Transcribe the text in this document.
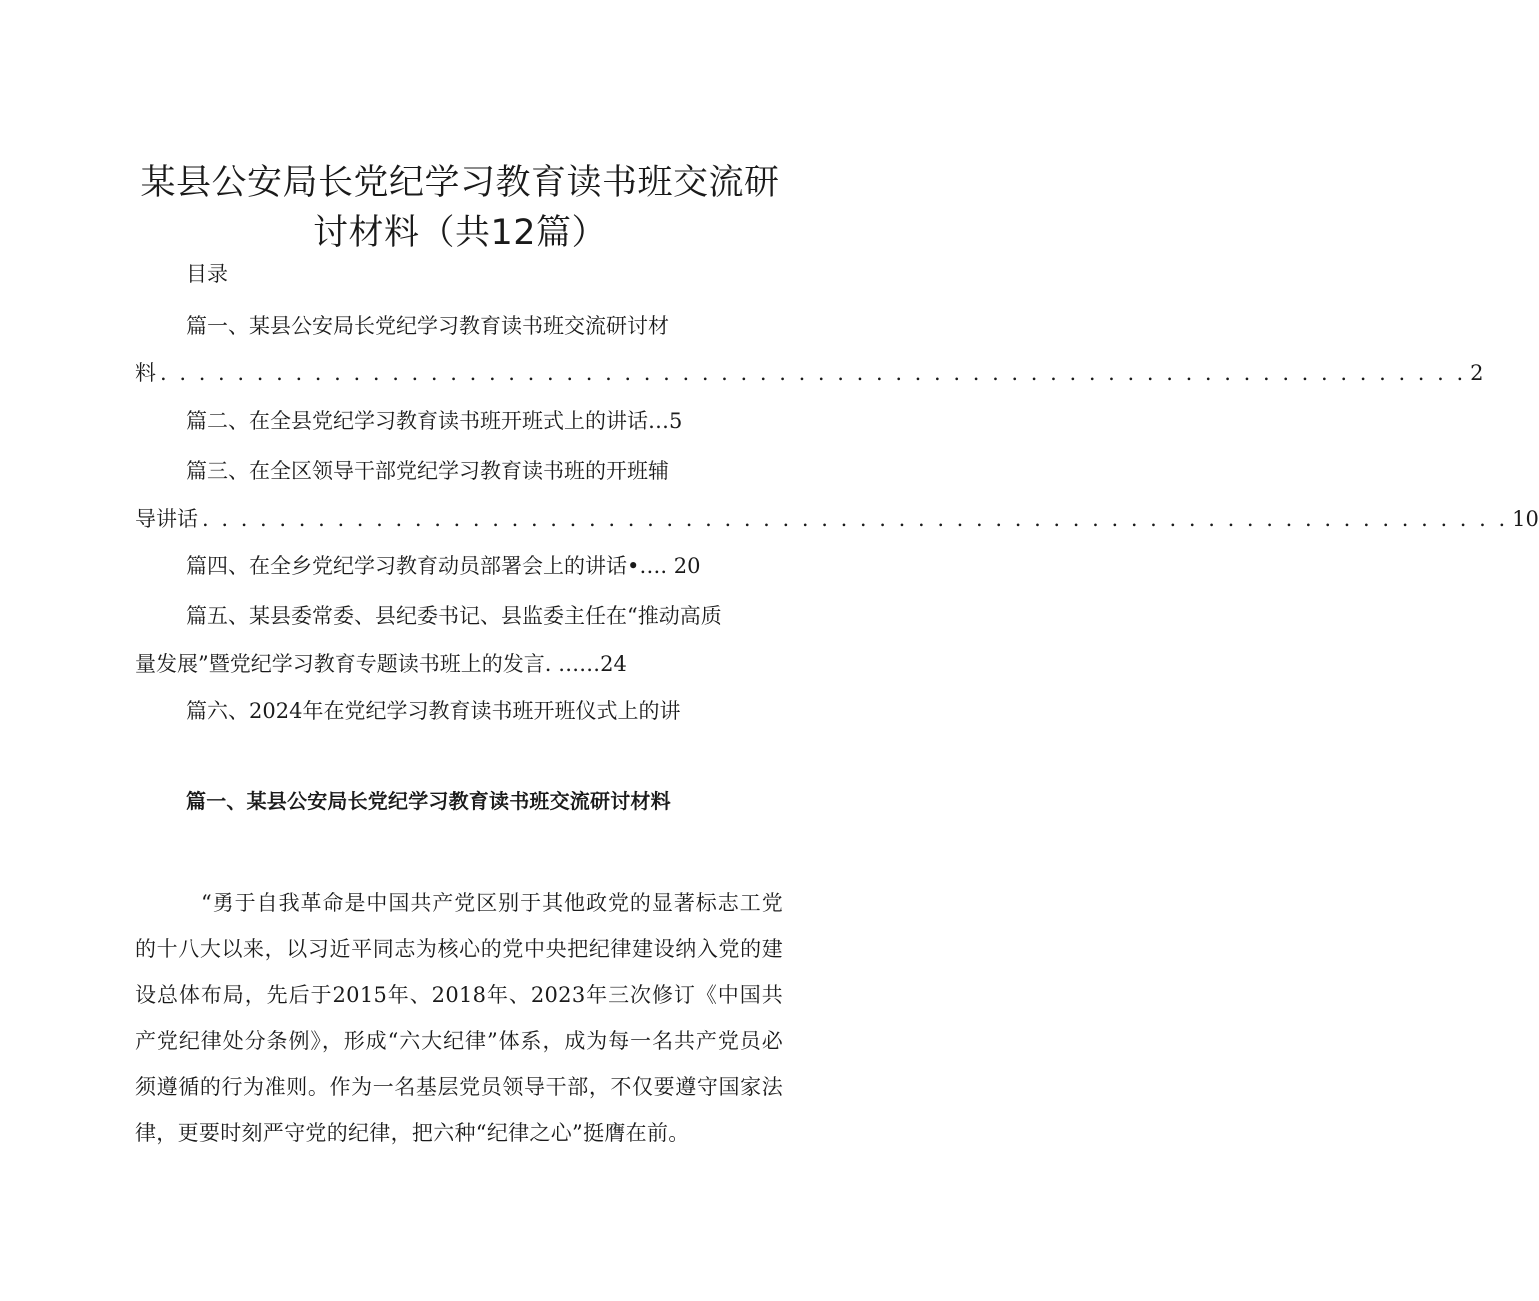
某县公安局长党纪学习教育读书班交流研
讨材料（共12篇）
目录
篇一、某县公安局长党纪学习教育读书班交流研讨材
料 . . . . . . . . . . . . . . . . . . . . . . . . . . . . . . . . . . . . . . . . . . . . . . . . . . . . . . . . . . . . . . . . . . . . 2
篇二、在全县党纪学习教育读书班开班式上的讲话…5
篇三、在全区领导干部党纪学习教育读书班的开班辅
导讲话 . . . . . . . . . . . . . . . . . . . . . . . . . . . . . . . . . . . . . . . . . . . . . . . . . . . . . . . . . . . . . . . . . . . . 10
篇四、在全乡党纪学习教育动员部署会上的讲话•…. 20
篇五、某县委常委、县纪委书记、县监委主任在“推动高质
量发展”暨党纪学习教育专题读书班上的发言. ……24
篇六、2024年在党纪学习教育读书班开班仪式上的讲
篇一、某县公安局长党纪学习教育读书班交流研讨材料

“勇于自我革命是中国共产党区别于其他政党的显著标志工党的十八大以来，以习近平同志为核心的党中央把纪律建设纳入党的建设总体布局，先后于2015年、2018年、2023年三次修订《中国共产党纪律处分条例》，形成“六大纪律”体系，成为每一名共产党员必须遵循的行为准则。作为一名基层党员领导干部，不仅要遵守国家法律，更要时刻严守党的纪律，把六种“纪律之心”挺膺在前。
